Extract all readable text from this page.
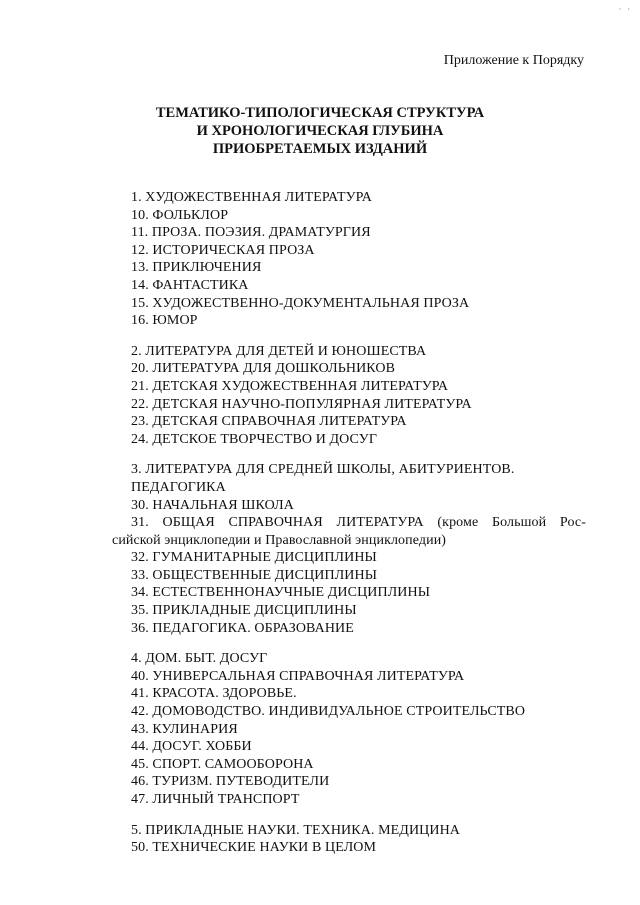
· ·
Приложение к Порядку
ТЕМАТИКО-ТИПОЛОГИЧЕСКАЯ СТРУКТУРА
И ХРОНОЛОГИЧЕСКАЯ ГЛУБИНА
ПРИОБРЕТАЕМЫХ ИЗДАНИЙ
1. ХУДОЖЕСТВЕННАЯ ЛИТЕРАТУРА
10. ФОЛЬКЛОР
11. ПРОЗА. ПОЭЗИЯ. ДРАМАТУРГИЯ
12. ИСТОРИЧЕСКАЯ ПРОЗА
13. ПРИКЛЮЧЕНИЯ
14. ФАНТАСТИКА
15. ХУДОЖЕСТВЕННО-ДОКУМЕНТАЛЬНАЯ ПРОЗА
16. ЮМОР
2. ЛИТЕРАТУРА ДЛЯ ДЕТЕЙ И ЮНОШЕСТВА
20. ЛИТЕРАТУРА ДЛЯ ДОШКОЛЬНИКОВ
21. ДЕТСКАЯ ХУДОЖЕСТВЕННАЯ ЛИТЕРАТУРА
22. ДЕТСКАЯ НАУЧНО-ПОПУЛЯРНАЯ ЛИТЕРАТУРА
23. ДЕТСКАЯ СПРАВОЧНАЯ ЛИТЕРАТУРА
24. ДЕТСКОЕ ТВОРЧЕСТВО И ДОСУГ
3. ЛИТЕРАТУРА ДЛЯ СРЕДНЕЙ ШКОЛЫ, АБИТУРИЕНТОВ.
ПЕДАГОГИКА
30. НАЧАЛЬНАЯ ШКОЛА
31. ОБЩАЯ СПРАВОЧНАЯ ЛИТЕРАТУРА (кроме Большой Рос-
сийской энциклопедии и Православной энциклопедии)
32. ГУМАНИТАРНЫЕ ДИСЦИПЛИНЫ
33. ОБЩЕСТВЕННЫЕ ДИСЦИПЛИНЫ
34. ЕСТЕСТВЕННОНАУЧНЫЕ ДИСЦИПЛИНЫ
35. ПРИКЛАДНЫЕ ДИСЦИПЛИНЫ
36. ПЕДАГОГИКА. ОБРАЗОВАНИЕ
4. ДОМ. БЫТ. ДОСУГ
40. УНИВЕРСАЛЬНАЯ СПРАВОЧНАЯ ЛИТЕРАТУРА
41. КРАСОТА. ЗДОРОВЬЕ.
42. ДОМОВОДСТВО. ИНДИВИДУАЛЬНОЕ СТРОИТЕЛЬСТВО
43. КУЛИНАРИЯ
44. ДОСУГ. ХОББИ
45. СПОРТ. САМООБОРОНА
46. ТУРИЗМ. ПУТЕВОДИТЕЛИ
47. ЛИЧНЫЙ ТРАНСПОРТ
5. ПРИКЛАДНЫЕ НАУКИ. ТЕХНИКА. МЕДИЦИНА
50. ТЕХНИЧЕСКИЕ НАУКИ В ЦЕЛОМ
